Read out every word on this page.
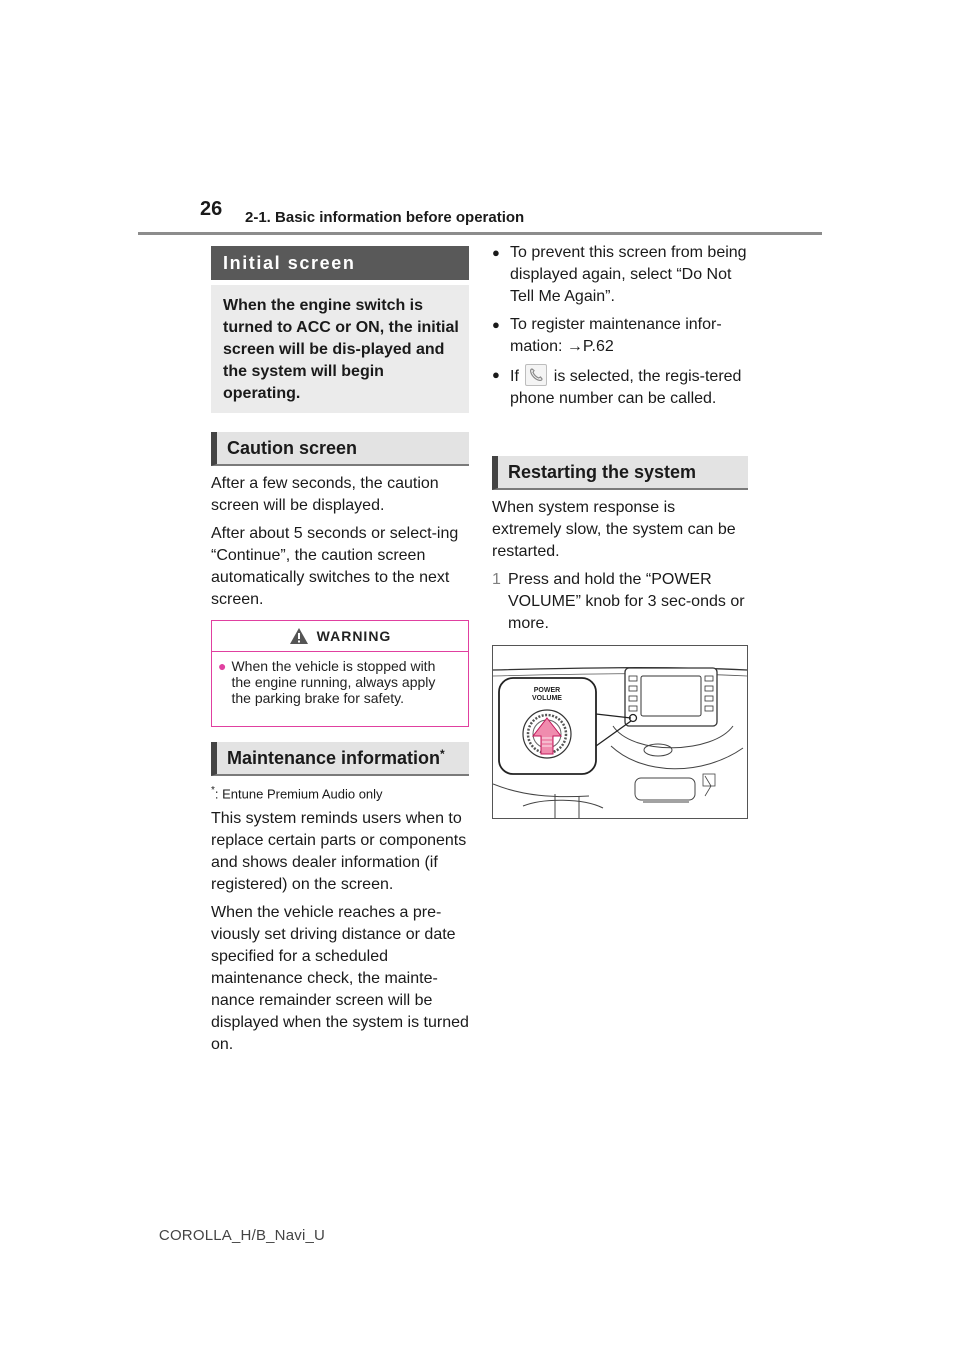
26 2-1. Basic information before operation
Initial screen
When the engine switch is turned to ACC or ON, the initial screen will be dis-played and the system will begin operating.
Caution screen

After a few seconds, the caution screen will be displayed.

After about 5 seconds or select-ing “Continue”, the caution screen automatically switches to the next screen.

WARNING
● When the vehicle is stopped with the engine running, always apply the parking brake for safety.
Maintenance information*
*: Entune Premium Audio only

This system reminds users when to replace certain parts or components and shows dealer information (if registered) on the screen.

When the vehicle reaches a pre-viously set driving distance or date specified for a scheduled maintenance check, the mainte-nance remainder screen will be displayed when the system is turned on.

● To prevent this screen from being displayed again, select “Do Not Tell Me Again”.
● To register maintenance infor-mation: →P.62
● If is selected, the regis-tered phone number can be called.
Restarting the system

When system response is extremely slow, the system can be restarted.

1 Press and hold the “POWER VOLUME” knob for 3 sec-onds or more.
POWER
VOLUME
COROLLA_H/B_Navi_U
